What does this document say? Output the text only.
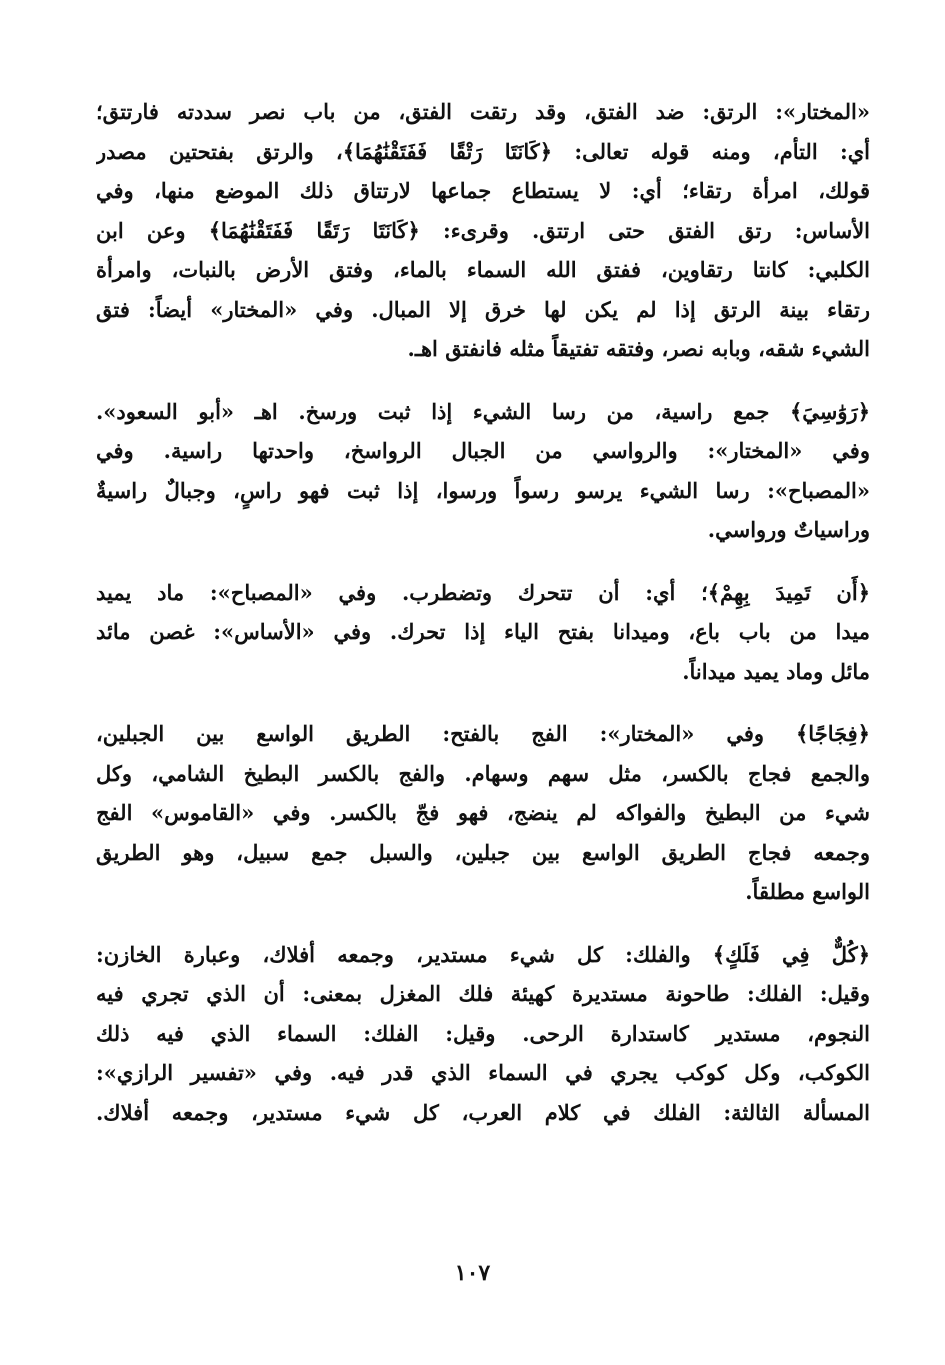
«المختار»: الرتق: ضد الفتق، وقد رتقت الفتق، من باب نصر سددته فارتتق؛
أي: التأم، ومنه قوله تعالى: ﴿كَانَتَا رَتْقًا فَفَتَقْنَٰهُمَا﴾، والرتق بفتحتين مصدر
قولك، امرأة رتقاء؛ أي: لا يستطاع جماعها لارتتاق ذلك الموضع منها، وفي
الأساس: رتق الفتق حتى ارتتق. وقرىء: ﴿كَانَتَا رَتَقًا فَفَتَقْنَٰهُمَا﴾ وعن ابن
الكلبي: كانتا رتقاوين، ففتق الله السماء بالماء، وفتق الأرض بالنبات، وامرأة
رتقاء بينة الرتق إذا لم يكن لها خرق إلا المبال. وفي «المختار» أيضاً: فتق
الشيء شقه، وبابه نصر، وفتقه تفتيقاً مثله فانفتق اهـ.
﴿رَوَٰسِيَ﴾ جمع راسية، من رسا الشيء إذا ثبت ورسخ. اهـ «أبو السعود».
وفي «المختار»: والرواسي من الجبال الرواسخ، واحدتها راسية. وفي
«المصباح»: رسا الشيء يرسو رسواً ورسوا، إذا ثبت فهو راسٍ، وجبالٌ راسيةٌ
وراسياتٌ ورواسي.
﴿أَن تَمِيدَ بِهِمْ﴾؛ أي: أن تتحرك وتضطرب. وفي «المصباح»: ماد يميد
ميدا من باب باع، وميدانا بفتح الياء إذا تحرك. وفي «الأساس»: غصن مائد
مائل وماد يميد ميداناً.
﴿فِجَاجًا﴾ وفي «المختار»: الفج بالفتح: الطريق الواسع بين الجبلين،
والجمع فجاج بالكسر، مثل سهم وسهام. والفج بالكسر البطيخ الشامي، وكل
شيء من البطيخ والفواكه لم ينضج، فهو فجّ بالكسر. وفي «القاموس» الفج
وجمعه فجاج الطريق الواسع بين جبلين، والسبل جمع سبيل، وهو الطريق
الواسع مطلقاً.
﴿كُلٌّ فِي فَلَكٍ﴾ والفلك: كل شيء مستدير، وجمعه أفلاك، وعبارة الخازن:
وقيل: الفلك: طاحونة مستديرة كهيئة فلك المغزل بمعنى: أن الذي تجري فيه
النجوم، مستدير كاستدارة الرحى. وقيل: الفلك: السماء الذي فيه ذلك
الكوكب، وكل كوكب يجري في السماء الذي قدر فيه. وفي «تفسير الرازي»:
المسألة الثالثة: الفلك في كلام العرب، كل شيء مستدير، وجمعه أفلاك.
١٠٧
